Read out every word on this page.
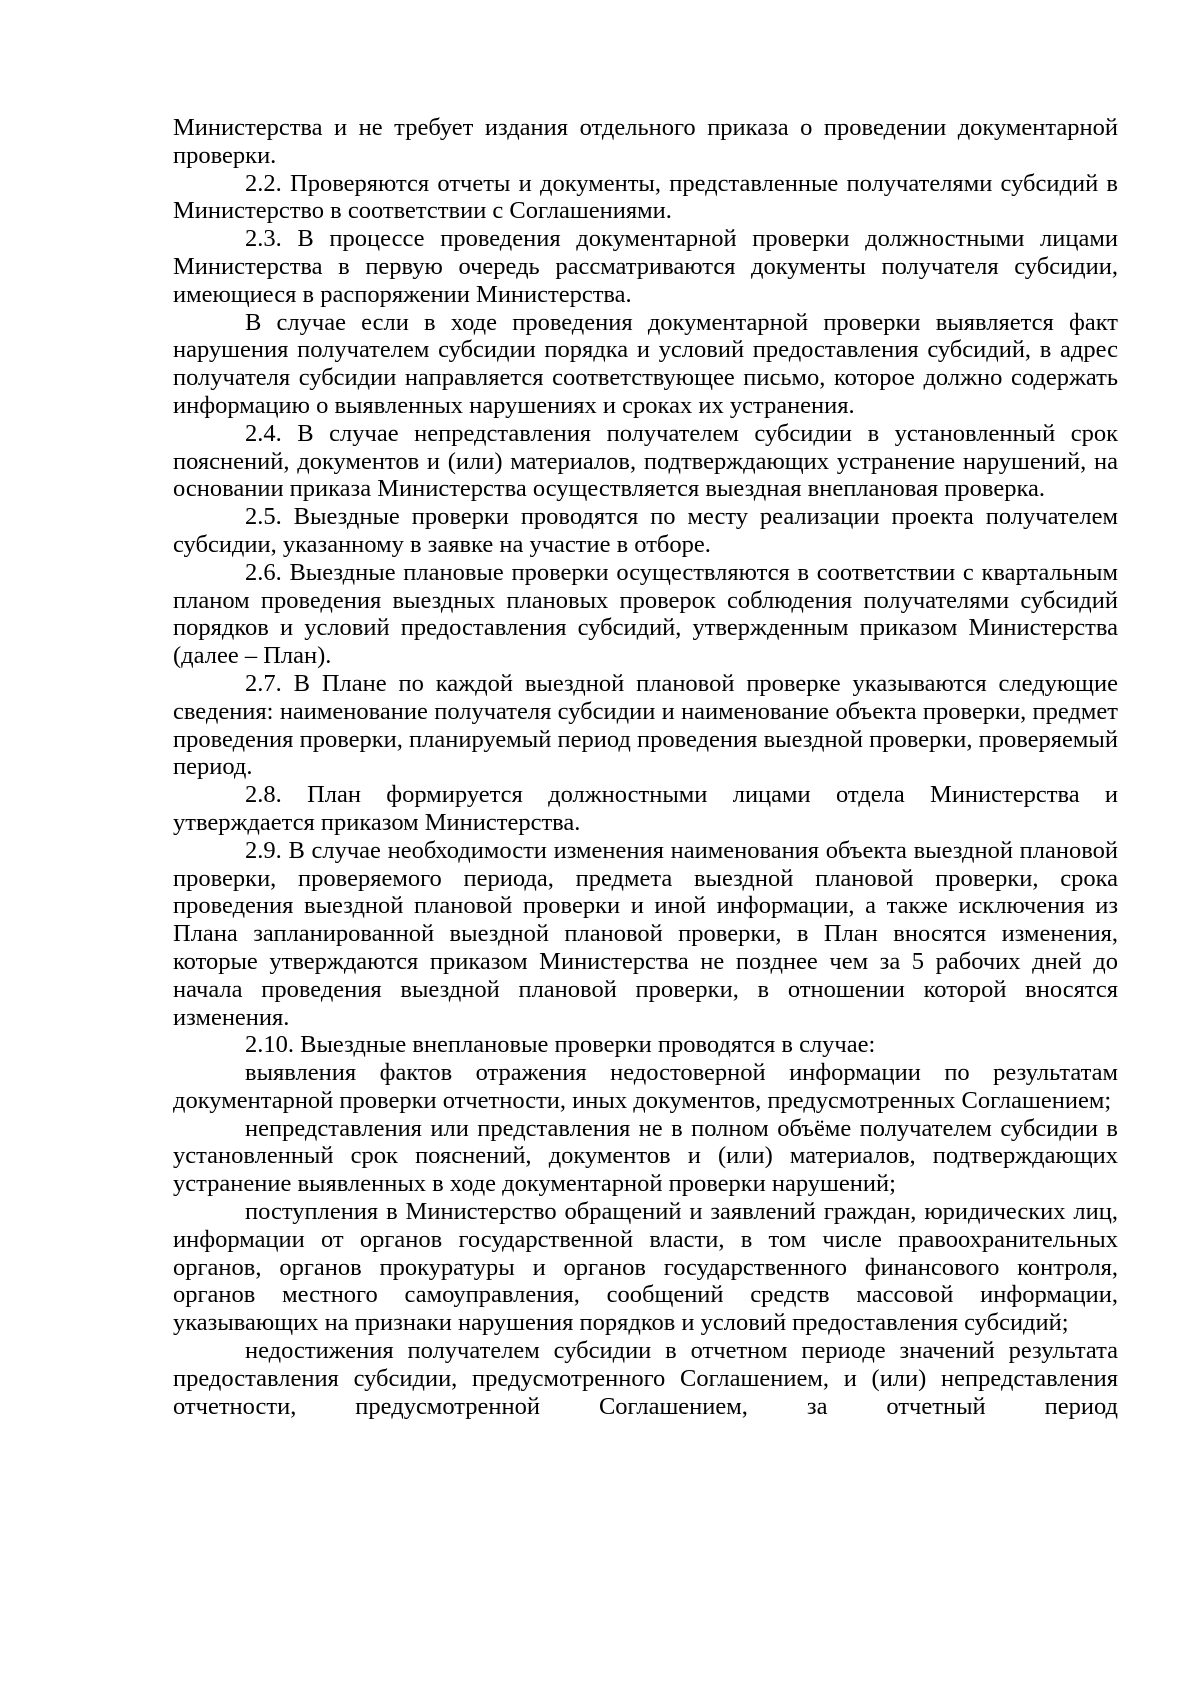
Министерства и не требует издания отдельного приказа о проведении документарной проверки.

2.2. Проверяются отчеты и документы, представленные получателями субсидий в Министерство в соответствии с Соглашениями.

2.3. В процессе проведения документарной проверки должностными лицами Министерства в первую очередь рассматриваются документы получателя субсидии, имеющиеся в распоряжении Министерства.

В случае если в ходе проведения документарной проверки выявляется факт нарушения получателем субсидии порядка и условий предоставления субсидий, в адрес получателя субсидии направляется соответствующее письмо, которое должно содержать информацию о выявленных нарушениях и сроках их устранения.

2.4. В случае непредставления получателем субсидии в установленный срок пояснений, документов и (или) материалов, подтверждающих устранение нарушений, на основании приказа Министерства осуществляется выездная внеплановая проверка.

2.5. Выездные проверки проводятся по месту реализации проекта получателем субсидии, указанному в заявке на участие в отборе.

2.6. Выездные плановые проверки осуществляются в соответствии с квартальным планом проведения выездных плановых проверок соблюдения получателями субсидий порядков и условий предоставления субсидий, утвержденным приказом Министерства (далее – План).

2.7. В Плане по каждой выездной плановой проверке указываются следующие сведения: наименование получателя субсидии и наименование объекта проверки, предмет проведения проверки, планируемый период проведения выездной проверки, проверяемый период.

2.8. План формируется должностными лицами отдела Министерства и утверждается приказом Министерства.

2.9. В случае необходимости изменения наименования объекта выездной плановой проверки, проверяемого периода, предмета выездной плановой проверки, срока проведения выездной плановой проверки и иной информации, а также исключения из Плана запланированной выездной плановой проверки, в План вносятся изменения, которые утверждаются приказом Министерства не позднее чем за 5 рабочих дней до начала проведения выездной плановой проверки, в отношении которой вносятся изменения.

2.10. Выездные внеплановые проверки проводятся в случае:

выявления фактов отражения недостоверной информации по результатам документарной проверки отчетности, иных документов, предусмотренных Соглашением;

непредставления или представления не в полном объёме получателем субсидии в установленный срок пояснений, документов и (или) материалов, подтверждающих устранение выявленных в ходе документарной проверки нарушений;

поступления в Министерство обращений и заявлений граждан, юридических лиц, информации от органов государственной власти, в том числе правоохранительных органов, органов прокуратуры и органов государственного финансового контроля, органов местного самоуправления, сообщений средств массовой информации, указывающих на признаки нарушения порядков и условий предоставления субсидий;

недостижения получателем субсидии в отчетном периоде значений результата предоставления субсидии, предусмотренного Соглашением, и (или) непредставления отчетности, предусмотренной Соглашением, за отчетный период
